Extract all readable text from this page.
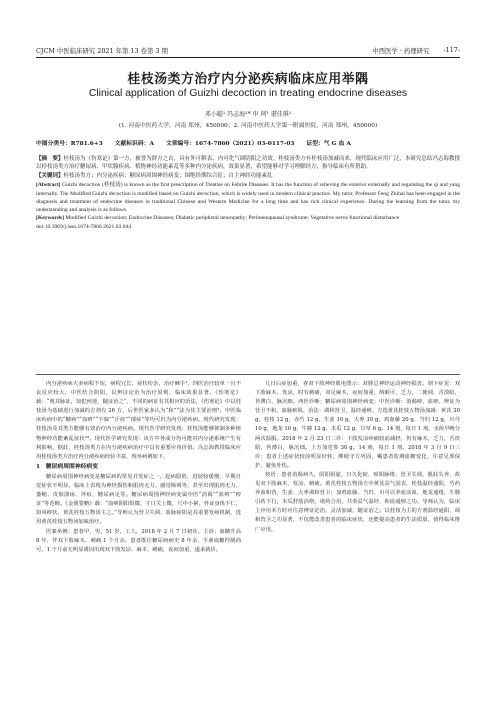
CJCM 中医临床研究 2021 年第 13 卷第 3 期	中西医学 · 药理研究 -117-
桂枝汤类方治疗内分泌疾病临床应用举隅
Clinical application of Guizhi decoction in treating endocrine diseases
邓小聪¹ 冯志海²* 申 珂¹ 谌佳琪¹
(1. 河南中医药大学，河南 郑州，450000；2. 河南中医药大学第一附属医院，河南 郑州，450000)
中图分类号：R781.6+3 文献标识码：A 文章编号：1674-7860（2021）03-0117-03 证型：气 G 血 A

【摘　要】桂枝汤为《伤寒论》第一方，被誉为群方之首，具有外可解表、内可化气调阴阳之功效。桂枝汤类方有桂枝汤加减而来，现代临床应用广泛，本研究总结冯志海教授以桂枝汤类方治疗糖尿病、甲状腺疾病、植物神经功能紊乱等多种内分泌疾病，效果显著，希望能够对学习理解经方、指导临床有所帮助。

【关键词】桂枝汤类方；内分泌疾病；糖尿病周围神经病变；围绝经期综合征；自主神经功能紊乱

[Abstract] Guizhi decoction (桂枝汤) is known as the first prescription of Treatise on Febrile Diseases. It has the function of relieving the exterior externally and regulating the qi and yang internally. The Modified Guizhi decoction is modified based on Guizhi decoction, which is widely used in modern clinical practice. My tutor, Professor Feng Zhihai has been engaged in the diagnosis and treatment of endocrine diseases in traditional Chinese and Western Medicine for a long time and has rich clinical experience. During the learning from the tutor, my understanding and analysis is as follows.

[Keywords] Modified Guizhi decoction; Endocrine Diseases; Diabetic peripheral neuropathy; Perimenopausal syndrome; Vegetative nerve functional disturbance

doi:10.3969/j.issn.1674-7860.2021.03.044

内分泌疾病大多病程不短，病程冗长，症状纷杂，治疗棘手¹。四医治疗较单一且不良反应较大，中医结合阴阳，以辨证论治为治疗原则，临床效果显著。《伤寒论》载：“观其脉证，知犯何逆，随证治之”，不同的病证有其相应的治法，《伤寒论》中以桂枝汤为基础进行加减的方剂有 26 方，后世医家多认为“和”“法为其主要治则²。中医临床疾病中的“糖病”“血痹”“不寐”“汗症”“郁症”等均可归为内分泌疾病。现代研究发现：桂枝汤及其类方能够有效治疗内分泌疾病。现代医学研究发现：桂枝汤能够抑制多种植物神经功能紊乱症状³⁴。现代医学研究发现：该方中各成分均可能对内分泌系统产生有利影响，据此，桂枝汤类方在内分泌疾病治疗中具有重要应用价值。冯志海教授临床应用桂枝汤类方治疗内分泌疾病经验丰富，现举病例如下。

1　糖尿病周围神经病变

糖尿病周围神经病变是糖尿病的常见并发症之一，起病隐匿，进展较缓慢，早期自觉症状不明显。临床上表现为神经损伤和肌肉无力、感觉障碍等，甚至出现肌肉无力、萎缩、皮肤溃疡、坏疽，糖尿病足等。糖尿病周围神经病变属中医“消渴”“血痹”“痹证”等范畴。《金匮要略》载：“血痹阴阳俱微，寸口关上微，尺中小紧，外证身体不仁，如风痹状，黄芪桂枝五物汤主之。”导师认为营卫失调，血脉瘀阻是其重要发病机制，选用黄芪桂枝五物汤加味治疗。

医案举例：患者甲，男，51 岁。工人，2018 年 2 月 7 日初诊。主诉：血糖升高 8 年，伴双下肢麻木、刺痛 1 个月余。患者既往糖尿病病史 8 年余，平素血糖控制尚可，1 个月前无明显诱因出现双下肢发凉、麻木、刺痛，夜间加重，遂来就诊。

几日后症加重，查双下肢神经肌电图示：双腓总神经运动神经损害。刻下症见：双下肢麻木、发凉，时有刺痛，双足麻木，夜间加重，纳眠可，乏力，二便调，舌淡暗，苔薄白，脉沉细。西医诊断：糖尿病周围神经病变；中医诊断：消渴痹，血痹。辨证为营卫不和，血脉瘀阻。治法：调和营卫，温经通痹。方选黄芪桂枝五物汤加减：黄芪 20 g，桂枝 12 g，赤芍 12 g，生姜 10 g，大枣 10 g，鸡血藤 20 g，当归 12 g，川芎 10 g，地龙 10 g，牛膝 12 g，木瓜 12 g，甘草 6 g。14 剂，每日 1 剂，水煎早晚分两次温服。2018 年 2 月 23 日二诊：下肢发凉疼痛较前减轻，仍有麻木，乏力，舌淡暗，苔薄白，脉沉细。上方加党参 30 g。14 剂，每日 1 剂。2018 年 3 月 9 日三诊：患者上述症状较前明显好转，继续守方巩固，嘱患者监测血糖变化，注意足部保护，避免外伤。

按语：患者消渴病久，阴阳俱虚，日久化瘀，瘀阻脉络，营卫失调，肌肤失养，故见双下肢麻木、发凉、刺痛。黄芪桂枝五物汤方中黄芪益气固表，桂枝温经通阳，芍药养血和营，生姜、大枣调和营卫；加鸡血藤、当归、川芎以养血活血，地龙通络，牛膝引药下行，木瓜舒筋活络。诸药合用，共奏益气温经、和血通痹之功。导师认为，临床上应用本方时应注意辨证论治，灵活加减，随证治之。以桂枝为主的方剂温经通阳、调和营卫之功显著，不仅能改善患者的临床症状，还能提高患者的生活质量，值得临床推广应用。
